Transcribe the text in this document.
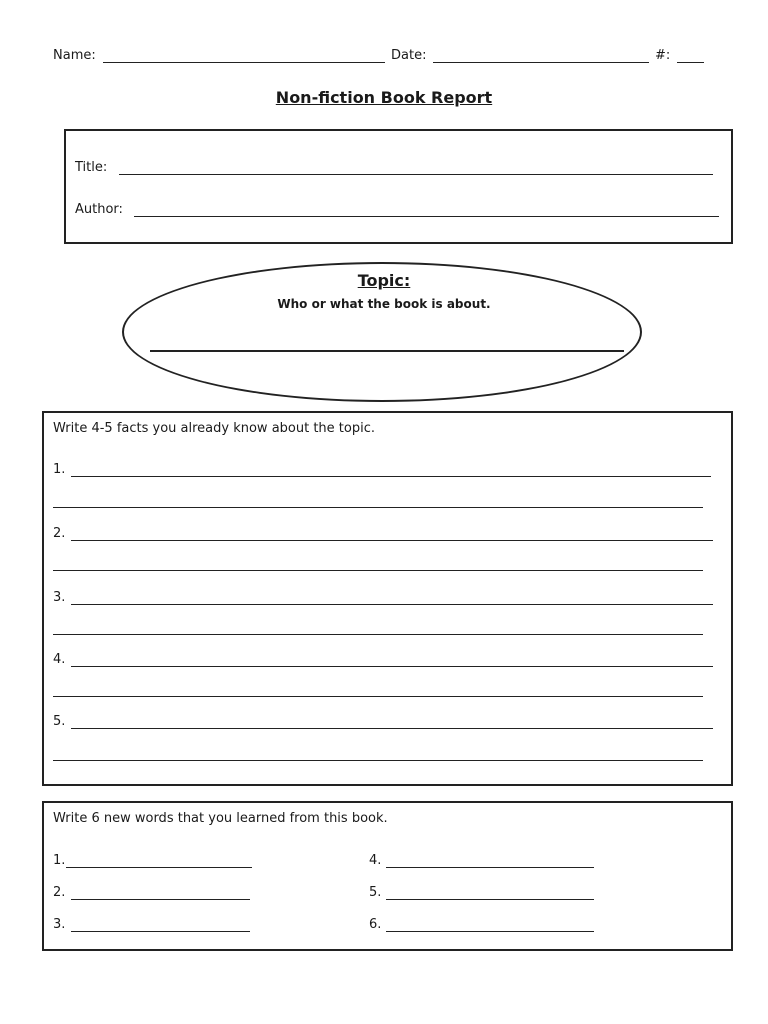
Name:	Date:	#:
Non-fiction Book Report
Title:
Author:
Topic:
Who or what the book is about.
Write 4-5 facts you already know about the topic.
1.
2.
3.
4.
5.
Write 6 new words that you learned from this book.
1.
2.
3.
4.
5.
6.
